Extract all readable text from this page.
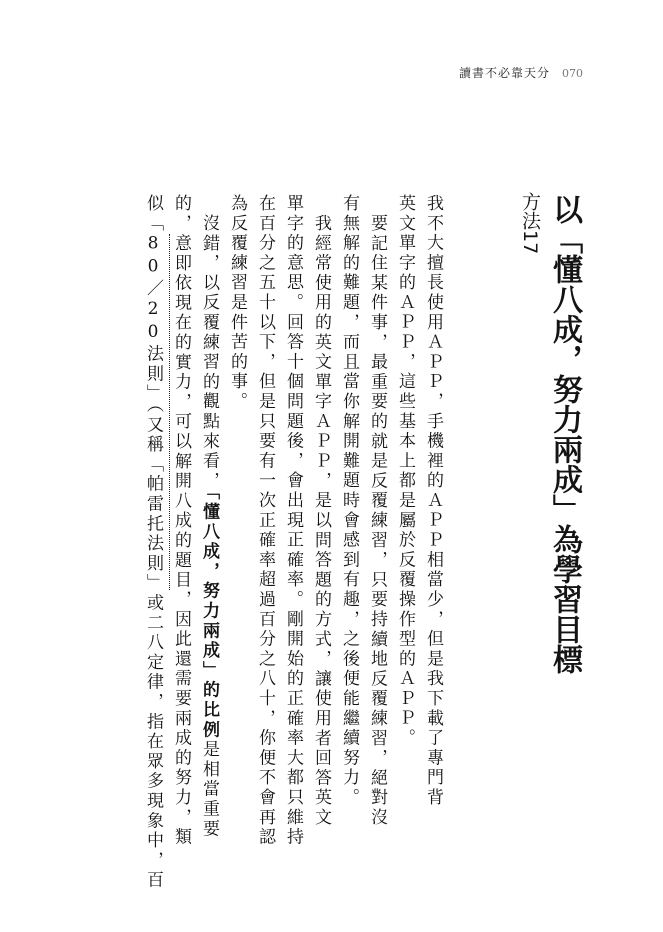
讀書不必靠天分 070
方法17 以「懂八成，努力兩成」為學習目標
我不大擅長使用ＡＰＰ，手機裡的ＡＰＰ相當少，但是我下載了專門背
英文單字的ＡＰＰ，這些基本上都是屬於反覆操作型的ＡＰＰ。
要記住某件事，最重要的就是反覆練習，只要持續地反覆練習，絕對沒
有無解的難題，而且當你解開難題時會感到有趣，之後便能繼續努力。
我經常使用的英文單字ＡＰＰ，是以問答題的方式，讓使用者回答英文
單字的意思。回答十個問題後，會出現正確率。剛開始的正確率大都只維持
在百分之五十以下，但是只要有一次正確率超過百分之八十，你便不會再認
為反覆練習是件苦的事。
沒錯，以反覆練習的觀點來看，「懂八成，努力兩成」的比例是相當重要
的，意即依現在的實力，可以解開八成的題目，因此還需要兩成的努力，類
似「80／20法則」（又稱「帕雷托法則」或二八定律，指在眾多現象中，百
